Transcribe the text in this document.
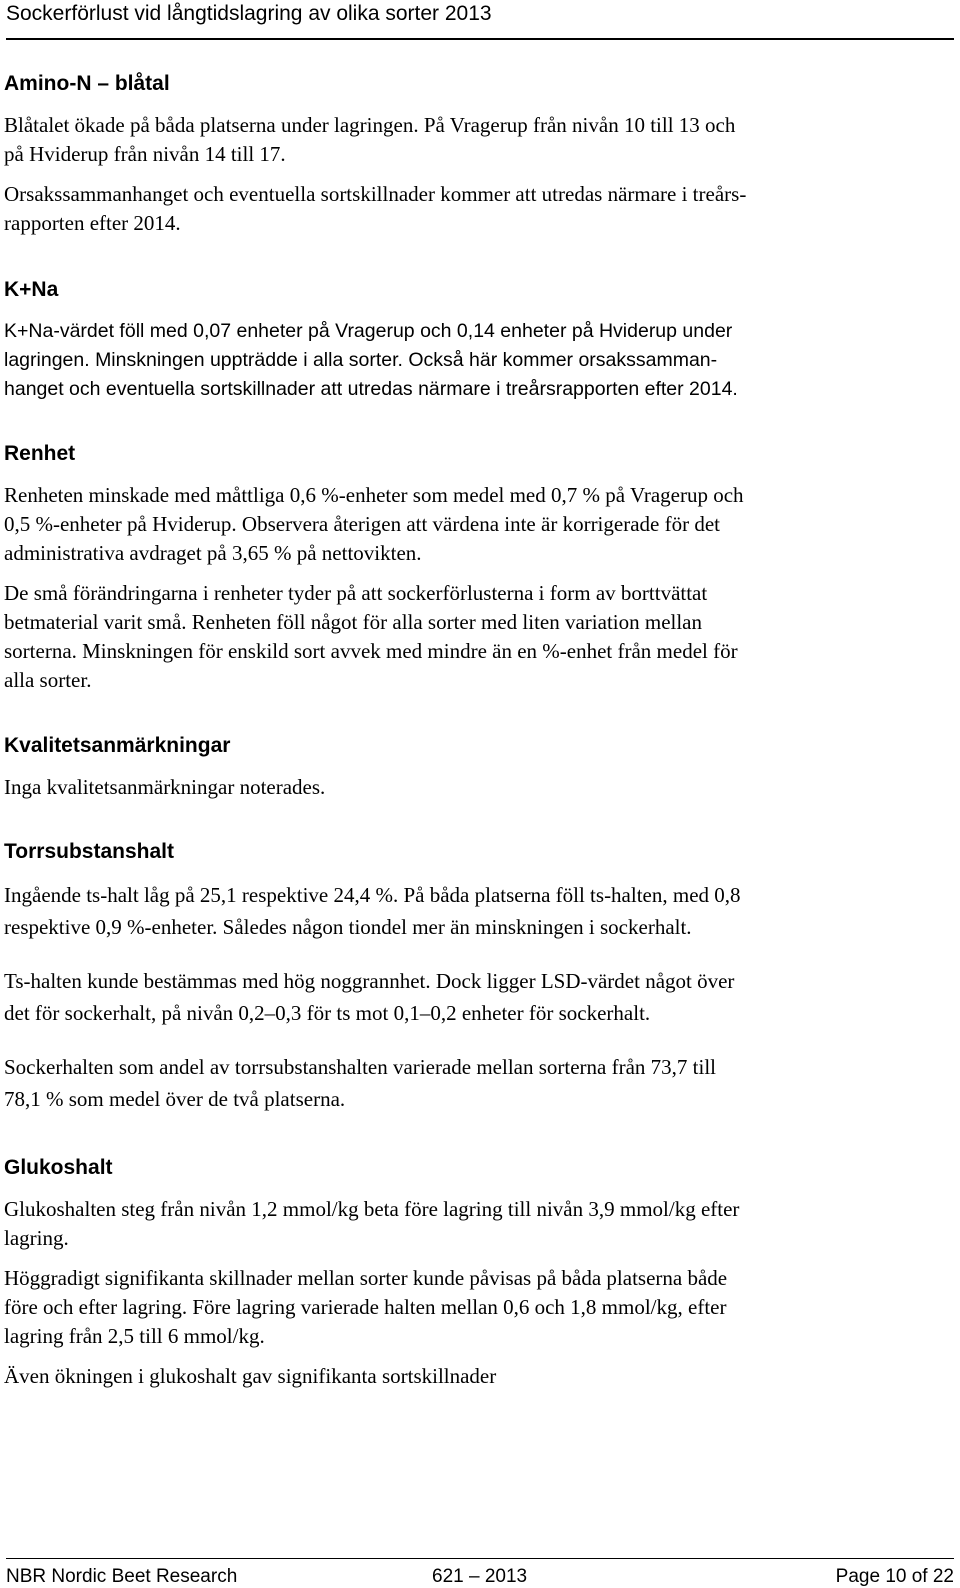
Sockerförlust vid långtidslagring av olika sorter 2013
Amino-N – blåtal
Blåtalet ökade på båda platserna under lagringen. På Vragerup från nivån 10 till 13 och
på Hviderup från nivån 14 till 17.
Orsakssammanhanget och eventuella sortskillnader kommer att utredas närmare i treårs-
rapporten efter 2014.
K+Na
K+Na-värdet föll med 0,07 enheter på Vragerup och 0,14 enheter på Hviderup under
lagringen. Minskningen uppträdde i alla sorter. Också här kommer orsakssamman-
hanget och eventuella sortskillnader att utredas närmare i treårsrapporten efter 2014.
Renhet
Renheten minskade med måttliga 0,6 %-enheter som medel med 0,7 % på Vragerup och
0,5 %-enheter på Hviderup. Observera återigen att värdena inte är korrigerade för det
administrativa avdraget på 3,65 % på nettovikten.
De små förändringarna i renheter tyder på att sockerförlusterna i form av borttvättat
betmaterial varit små. Renheten föll något för alla sorter med liten variation mellan
sorterna. Minskningen för enskild sort avvek med mindre än en %-enhet från medel för
alla sorter.
Kvalitetsanmärkningar
Inga kvalitetsanmärkningar noterades.
Torrsubstanshalt
Ingående ts-halt låg på 25,1 respektive 24,4 %. På båda platserna föll ts-halten, med 0,8
respektive 0,9 %-enheter. Således någon tiondel mer än minskningen i sockerhalt.
Ts-halten kunde bestämmas med hög noggrannhet. Dock ligger LSD-värdet något över
det för sockerhalt, på nivån 0,2–0,3 för ts mot 0,1–0,2 enheter för sockerhalt.
Sockerhalten som andel av torrsubstanshalten varierade mellan sorterna från 73,7 till
78,1 % som medel över de två platserna.
Glukoshalt
Glukoshalten steg från nivån 1,2 mmol/kg beta före lagring till nivån 3,9 mmol/kg efter
lagring.
Höggradigt signifikanta skillnader mellan sorter kunde påvisas på båda platserna både
före och efter lagring. Före lagring varierade halten mellan 0,6 och 1,8 mmol/kg, efter
lagring från 2,5 till 6 mmol/kg.
Även ökningen i glukoshalt gav signifikanta sortskillnader
NBR Nordic Beet Research	621 – 2013	Page 10 of 22
